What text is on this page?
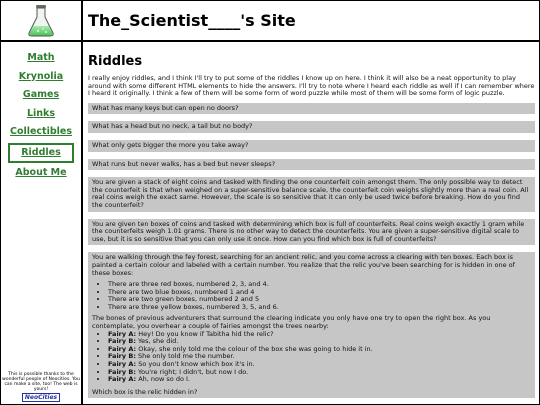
The_Scientist____'s Site
Math
Krynolia
Games
Links
Collectibles
Riddles
About Me
This is possible thanks to the wonderful people of Neocities. You can make a site, too! The web is yours!
NeoCities
Riddles

I really enjoy riddles, and I think I'll try to put some of the riddles I know up on here. I think it will also be a neat opportunity to play around with some different HTML elements to hide the answers. I'll try to note where I heard each riddle as well if I can remember where I heard it originally. I think a few of them will be some form of word puzzle while most of them will be some form of logic puzzle.

What has many keys but can open no doors?

What has a head but no neck, a tail but no body?

What only gets bigger the more you take away?

What runs but never walks, has a bed but never sleeps?

You are given a stack of eight coins and tasked with finding the one counterfeit coin amongst them. The only possible way to detect the counterfeit is that when weighed on a super-sensitive balance scale, the counterfeit coin weighs slightly more than a real coin. All real coins weigh the exact same. However, the scale is so sensitive that it can only be used twice before breaking. How do you find the counterfeit?

You are given ten boxes of coins and tasked with determining which box is full of counterfeits. Real coins weigh exactly 1 gram while the counterfeits weigh 1.01 grams. There is no other way to detect the counterfeits. You are given a super-sensitive digital scale to use, but it is so sensitive that you can only use it once. How can you find which box is full of counterfeits?

You are walking through the fey forest, searching for an ancient relic, and you come across a clearing with ten boxes. Each box is painted a certain colour and labeled with a certain number. You realize that the relic you've been searching for is hidden in one of these boxes:

• There are three red boxes, numbered 2, 3, and 4.
• There are two blue boxes, numbered 1 and 4
• There are two green boxes, numbered 2 and 5
• There are three yellow boxes, numbered 3, 5, and 6.

The bones of previous adventurers that surround the clearing indicate you only have one try to open the right box. As you contemplate, you overhear a couple of fairies amongst the trees nearby:

• Fairy A: Hey! Do you know if Tabitha hid the relic?
• Fairy B: Yes, she did.
• Fairy A: Okay, she only told me the colour of the box she was going to hide it in.
• Fairy B: She only told me the number.
• Fairy A: So you don't know which box it's in.
• Fairy B: You're right; I didn't, but now I do.
• Fairy A: Ah, now so do I.

Which box is the relic hidden in?
